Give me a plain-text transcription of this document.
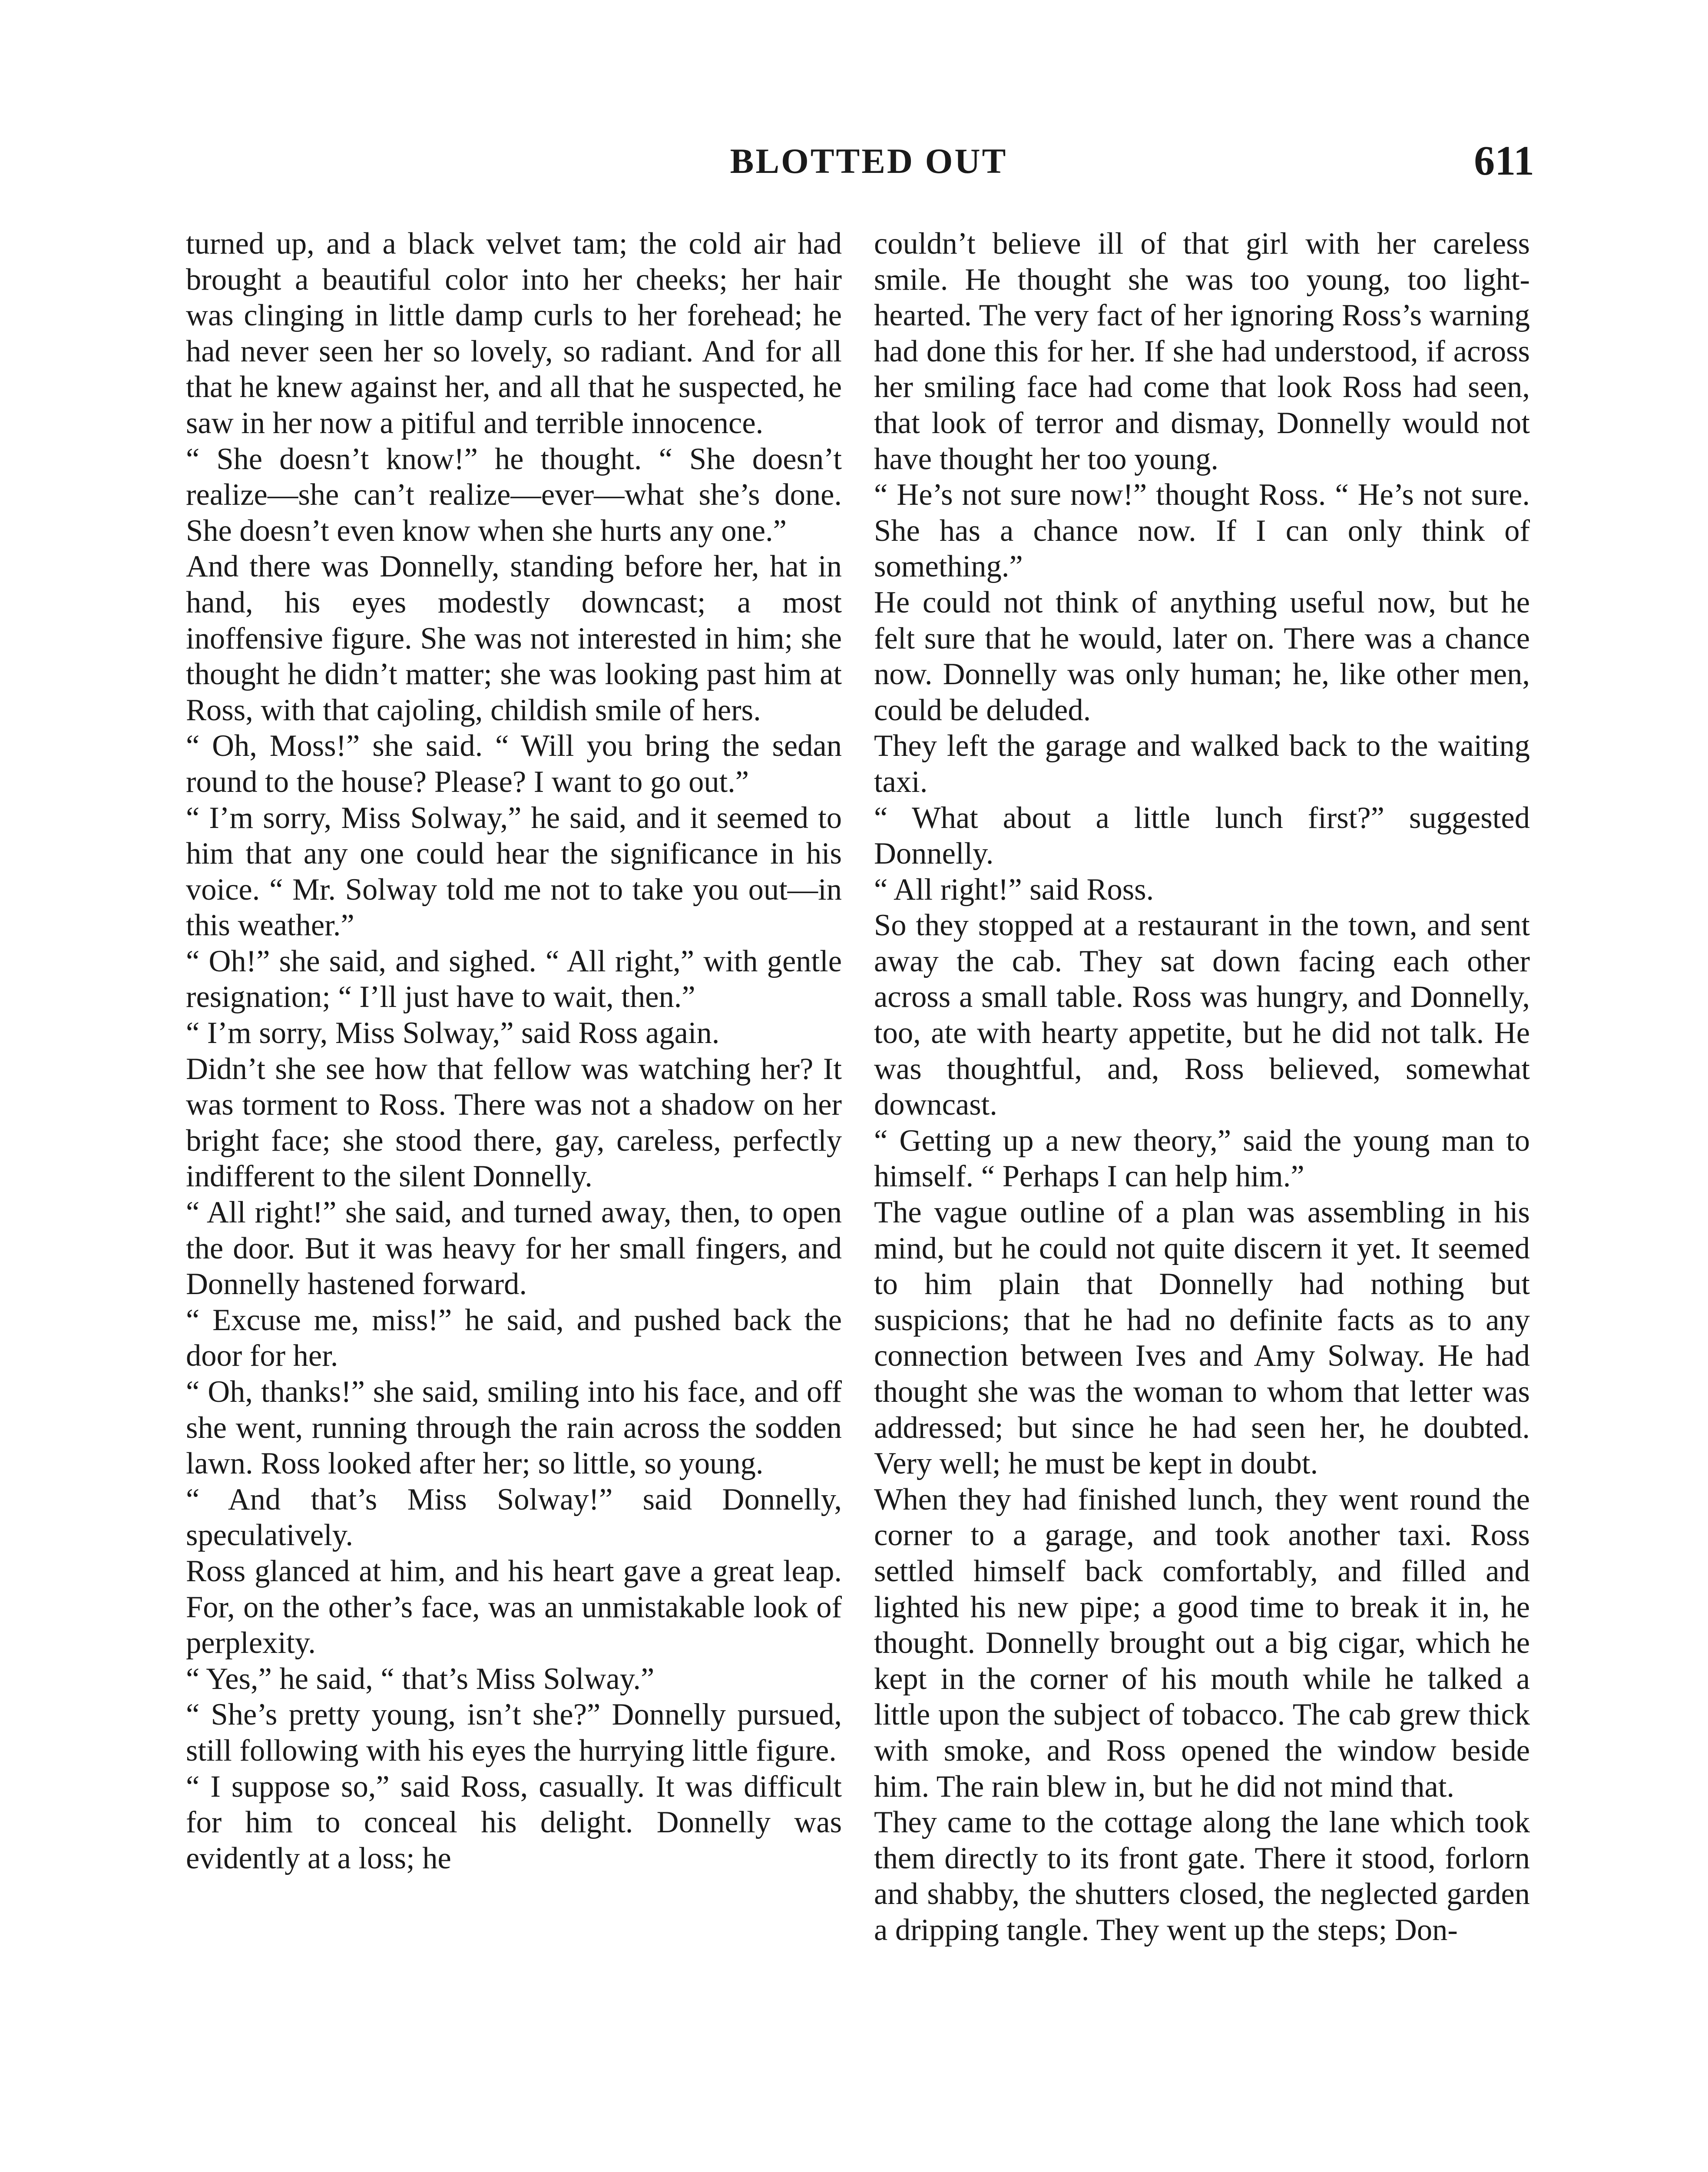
BLOTTED OUT	611

turned up, and a black velvet tam; the cold air had brought a beautiful color into her cheeks; her hair was clinging in little damp curls to her forehead; he had never seen her so lovely, so radiant. And for all that he knew against her, and all that he suspected, he saw in her now a pitiful and terrible innocence.

“ She doesn’t know!” he thought. “ She doesn’t realize—she can’t realize—ever—what she’s done. She doesn’t even know when she hurts any one.”

And there was Donnelly, standing before her, hat in hand, his eyes modestly downcast; a most inoffensive figure. She was not interested in him; she thought he didn’t matter; she was looking past him at Ross, with that cajoling, childish smile of hers.

“ Oh, Moss!” she said. “ Will you bring the sedan round to the house? Please? I want to go out.”

“ I’m sorry, Miss Solway,” he said, and it seemed to him that any one could hear the significance in his voice. “ Mr. Solway told me not to take you out—in this weather.”

“ Oh!” she said, and sighed. “ All right,” with gentle resignation; “ I’ll just have to wait, then.”

“ I’m sorry, Miss Solway,” said Ross again.

Didn’t she see how that fellow was watching her? It was torment to Ross. There was not a shadow on her bright face; she stood there, gay, careless, perfectly indifferent to the silent Donnelly.

“ All right!” she said, and turned away, then, to open the door. But it was heavy for her small fingers, and Donnelly hastened forward.

“ Excuse me, miss!” he said, and pushed back the door for her.

“ Oh, thanks!” she said, smiling into his face, and off she went, running through the rain across the sodden lawn. Ross looked after her; so little, so young.

“ And that’s Miss Solway!” said Donnelly, speculatively.

Ross glanced at him, and his heart gave a great leap. For, on the other’s face, was an unmistakable look of perplexity.

“ Yes,” he said, “ that’s Miss Solway.”

“ She’s pretty young, isn’t she?” Donnelly pursued, still following with his eyes the hurrying little figure.

“ I suppose so,” said Ross, casually. It was difficult for him to conceal his delight. Donnelly was evidently at a loss; he

couldn’t believe ill of that girl with her careless smile. He thought she was too young, too light-hearted. The very fact of her ignoring Ross’s warning had done this for her. If she had understood, if across her smiling face had come that look Ross had seen, that look of terror and dismay, Donnelly would not have thought her too young.

“ He’s not sure now!” thought Ross. “ He’s not sure. She has a chance now. If I can only think of something.”

He could not think of anything useful now, but he felt sure that he would, later on. There was a chance now. Donnelly was only human; he, like other men, could be deluded.

They left the garage and walked back to the waiting taxi.

“ What about a little lunch first?” suggested Donnelly.

“ All right!” said Ross.

So they stopped at a restaurant in the town, and sent away the cab. They sat down facing each other across a small table. Ross was hungry, and Donnelly, too, ate with hearty appetite, but he did not talk. He was thoughtful, and, Ross believed, somewhat downcast.

“ Getting up a new theory,” said the young man to himself. “ Perhaps I can help him.”

The vague outline of a plan was assembling in his mind, but he could not quite discern it yet. It seemed to him plain that Donnelly had nothing but suspicions; that he had no definite facts as to any connection between Ives and Amy Solway. He had thought she was the woman to whom that letter was addressed; but since he had seen her, he doubted. Very well; he must be kept in doubt.

When they had finished lunch, they went round the corner to a garage, and took another taxi. Ross settled himself back comfortably, and filled and lighted his new pipe; a good time to break it in, he thought. Donnelly brought out a big cigar, which he kept in the corner of his mouth while he talked a little upon the subject of tobacco. The cab grew thick with smoke, and Ross opened the window beside him. The rain blew in, but he did not mind that.

They came to the cottage along the lane which took them directly to its front gate. There it stood, forlorn and shabby, the shutters closed, the neglected garden a dripping tangle. They went up the steps; Don-
